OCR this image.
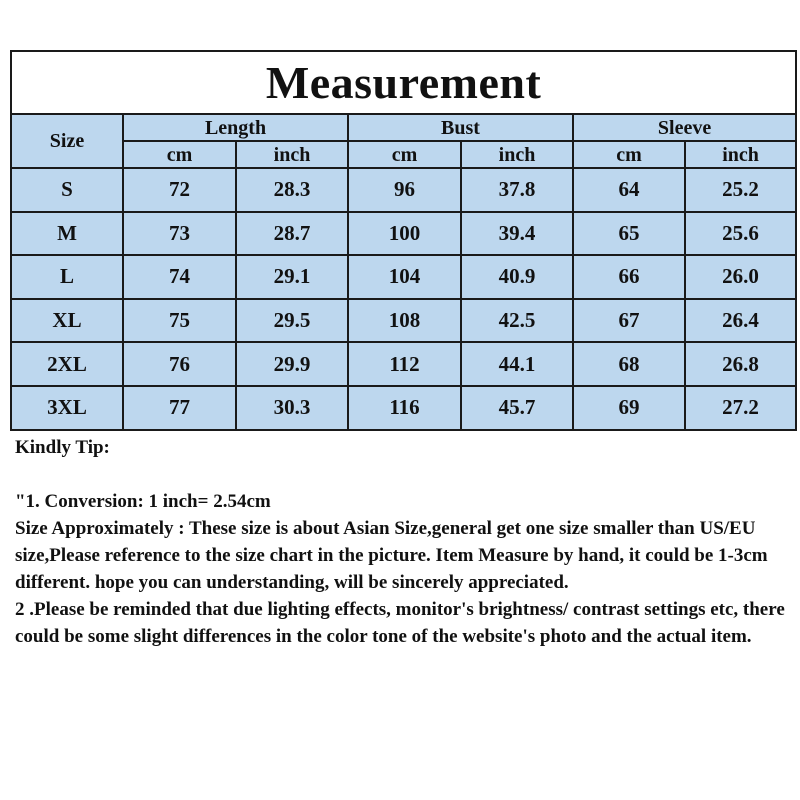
Measurement						
Size	Length		Bust		Sleeve	
	cm	inch	cm	inch	cm	inch
S	72	28.3	96	37.8	64	25.2
M	73	28.7	100	39.4	65	25.6
L	74	29.1	104	40.9	66	26.0
XL	75	29.5	108	42.5	67	26.4
2XL	76	29.9	112	44.1	68	26.8
3XL	77	30.3	116	45.7	69	27.2

Kindly Tip:

"1. Conversion: 1 inch= 2.54cm

Size Approximately : These size is about Asian Size,general get one size smaller than US/EU size,Please reference to the size chart in the picture. Item Measure by hand, it could be 1-3cm different. hope you can understanding, will be sincerely appreciated.

2 .Please be reminded that due lighting effects, monitor's brightness/ contrast settings etc, there could be some slight differences in the color tone of the website's photo and the actual item.
